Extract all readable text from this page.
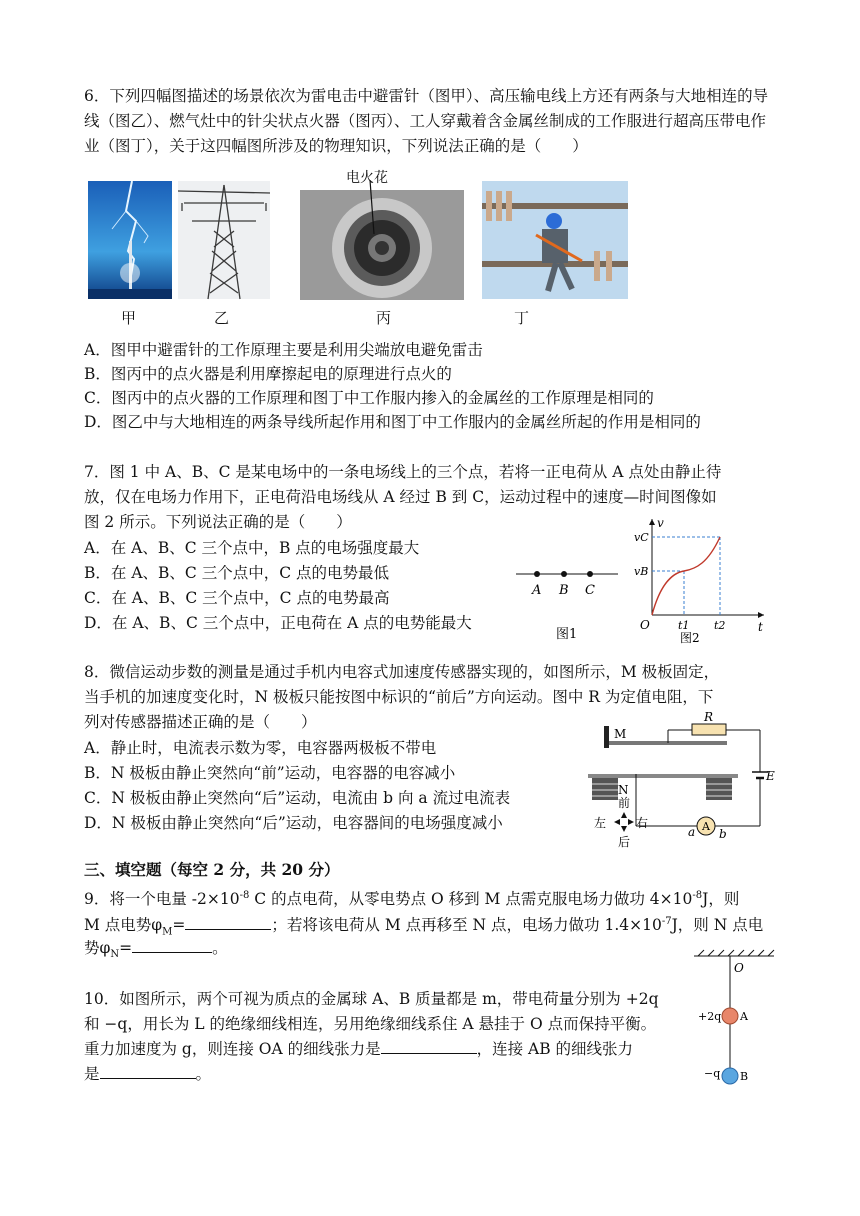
6．下列四幅图描述的场景依次为雷电击中避雷针（图甲）、高压输电线上方还有两条与大地相连的导线（图乙）、燃气灶中的针尖状点火器（图丙）、工人穿戴着含金属丝制成的工作服进行超高压带电作业（图丁），关于这四幅图所涉及的物理知识，下列说法正确的是（　　）

电火花
甲	乙	丙	丁
A．图甲中避雷针的工作原理主要是利用尖端放电避免雷击
B．图丙中的点火器是利用摩擦起电的原理进行点火的
C．图丙中的点火器的工作原理和图丁中工作服内掺入的金属丝的工作原理是相同的
D．图乙中与大地相连的两条导线所起作用和图丁中工作服内的金属丝所起的作用是相同的
7．图 1 中 A、B、C 是某电场中的一条电场线上的三个点，若将一正电荷从 A 点处由静止待
放，仅在电场力作用下，正电荷沿电场线从 A 经过 B 到 C，运动过程中的速度—时间图像如
图 2 所示。下列说法正确的是（　　）
A．在 A、B、C 三个点中，B 点的电场强度最大
B．在 A、B、C 三个点中，C 点的电势最低
C．在 A、B、C 三个点中，C 点的电势最高
D．在 A、B、C 三个点中，正电荷在 A 点的电势能最大
A B C
图1
v
t
O
vC
vB
t1 t2
图2
8．微信运动步数的测量是通过手机内电容式加速度传感器实现的，如图所示，M 极板固定，
当手机的加速度变化时，N 极板只能按图中标识的“前后”方向运动。图中 R 为定值电阻，下
列对传感器描述正确的是（　　）
A．静止时，电流表示数为零，电容器两极板不带电
B．N 极板由静止突然向“前”运动，电容器的电容减小
C．N 极板由静止突然向“后”运动，电流由 b 向 a 流过电流表
D．N 极板由静止突然向“后”运动，电容器间的电场强度减小
M
R
E
N
前
后
左 右	A
a b
三、填空题（每空 2 分，共 20 分）
9．将一个电量 $-2\times 10^{-8}$ C 的点电荷，从零电势点 O 移到 M 点需克服电场力做功 $4\times 10^{-8}J$，则
M 点电势$\varphi_M=$	；若将该电荷从 M 点再移至 N 点，电场力做功 $1.4\times 10^{-7}J$，则 N 点电
势$\varphi_N=$	。
10．如图所示，两个可视为质点的金属球 A、B 质量都是 m，带电荷量分别为 +2q
和 −q，用长为 L 的绝缘细线相连，另用绝缘细线系住 A 悬挂于 O 点而保持平衡。
重力加速度为 g，则连接 OA 的细线张力是	，连接 AB 的细线张力
是	。
O
A
B
+2q
−q
